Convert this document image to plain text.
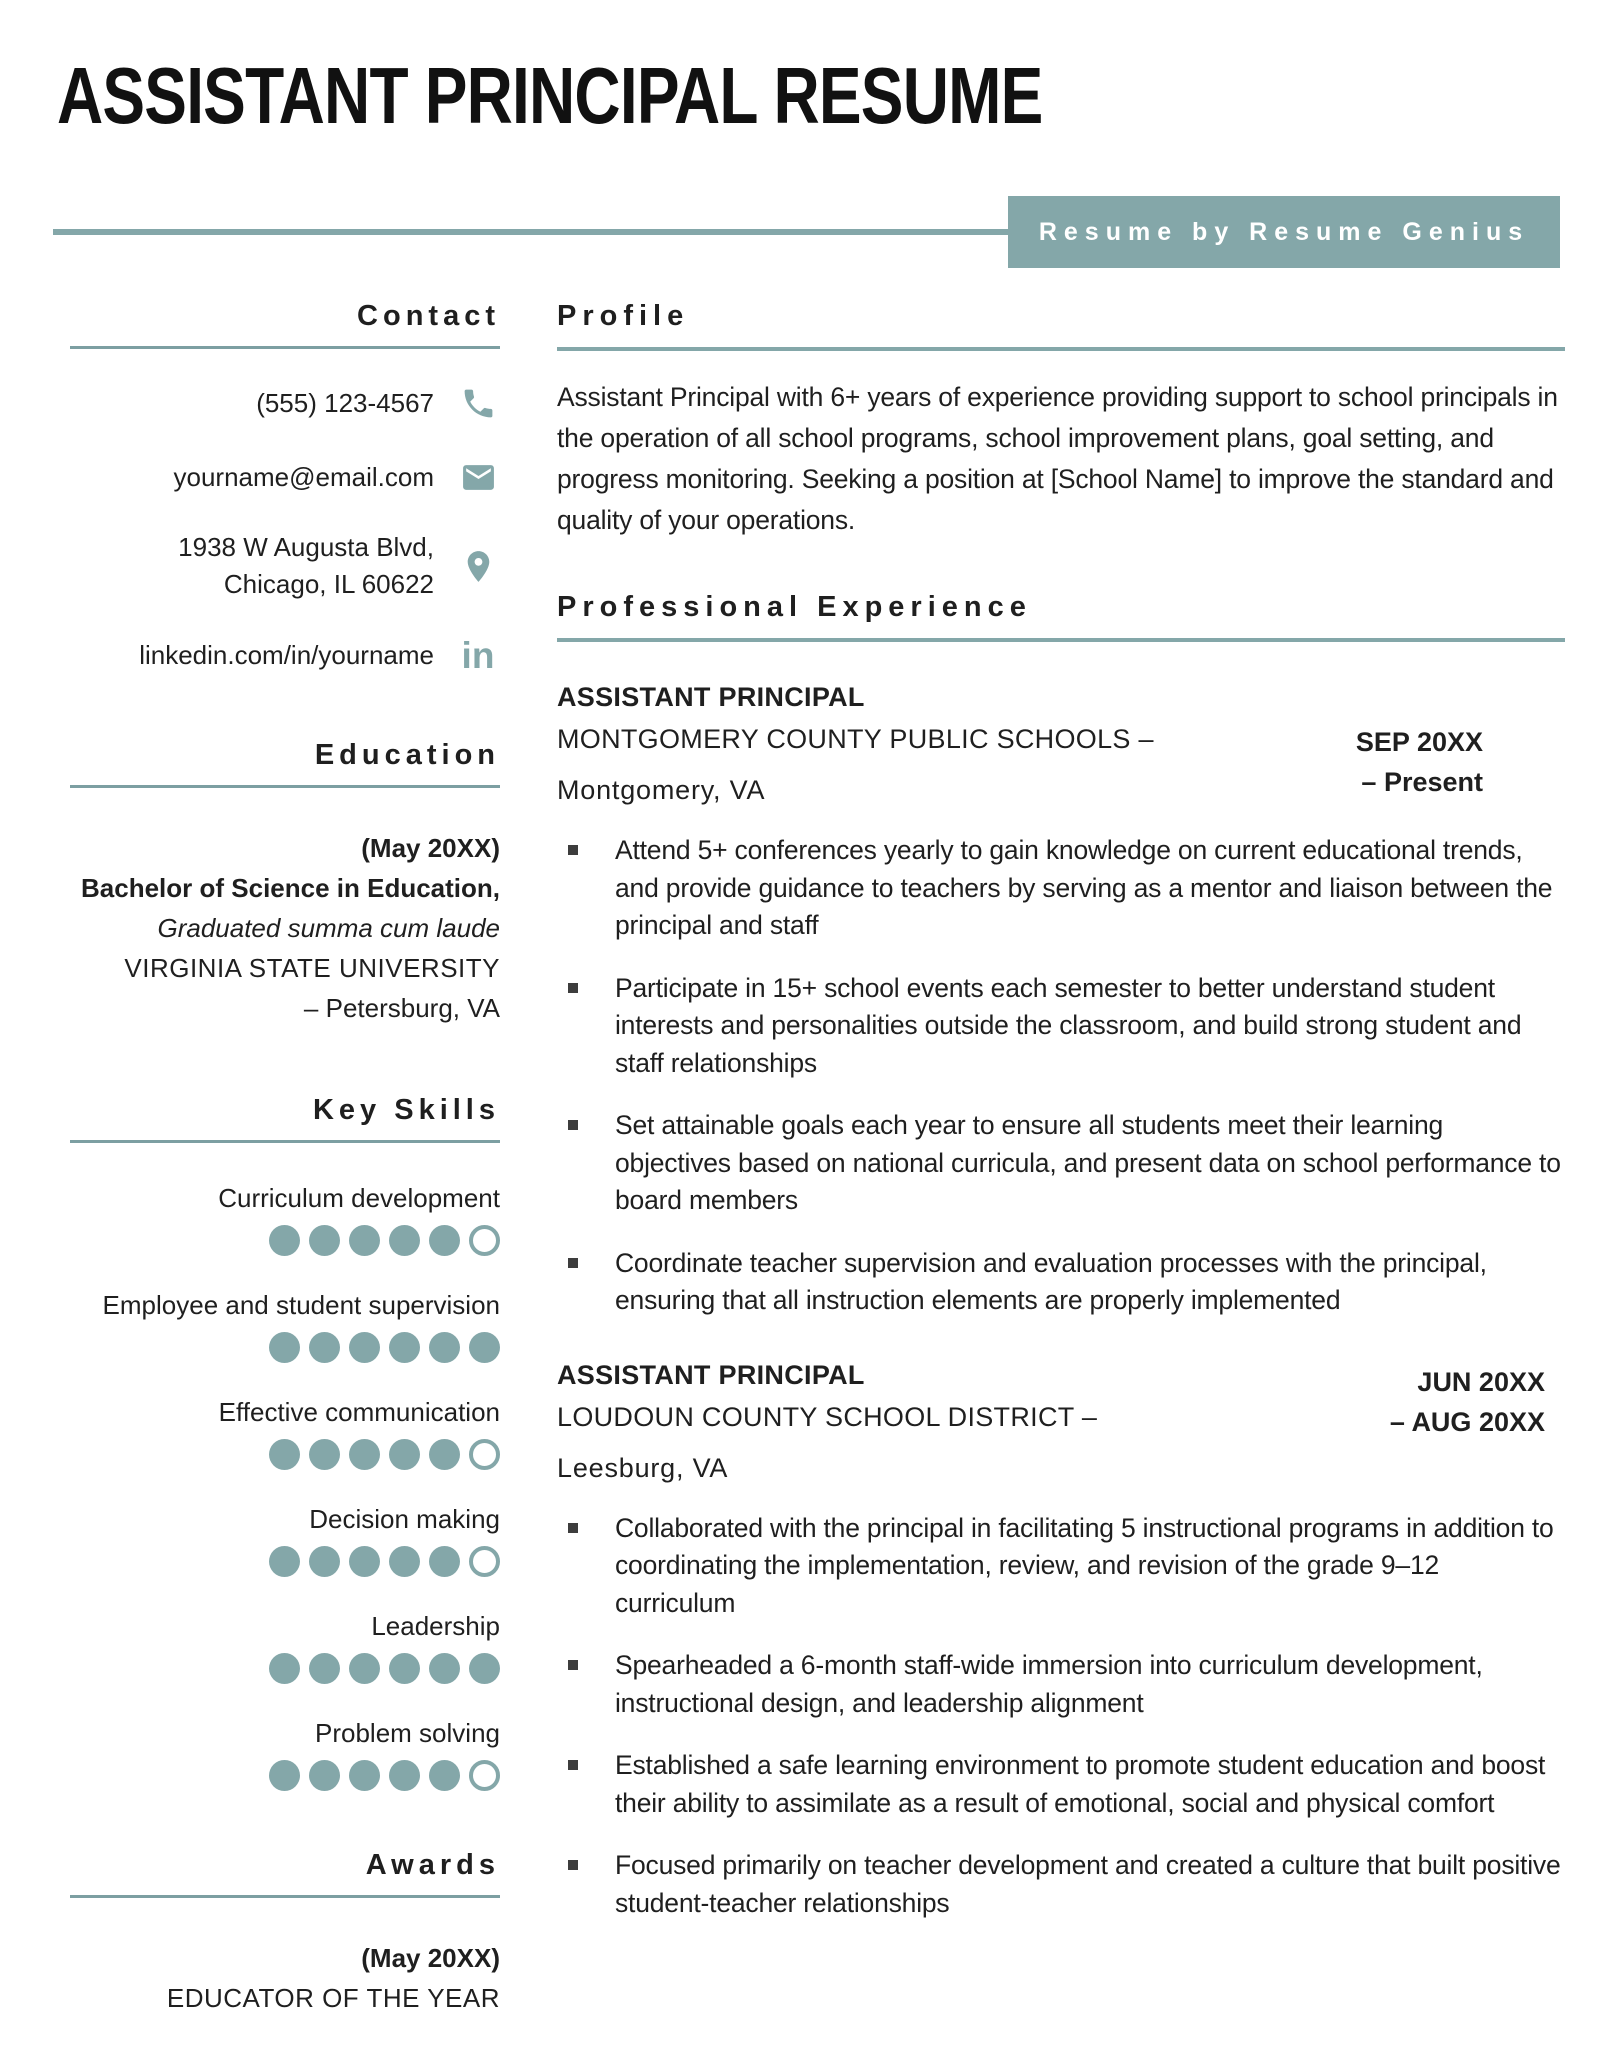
ASSISTANT PRINCIPAL RESUME
Resume by Resume Genius
Contact
(555) 123-4567
yourname@email.com
1938 W Augusta Blvd,
Chicago, IL 60622
linkedin.com/in/yourname in
Education
(May 20XX)
Bachelor of Science in Education,
Graduated summa cum laude
VIRGINIA STATE UNIVERSITY
– Petersburg, VA
Key Skills
Curriculum development
Employee and student supervision
Effective communication
Decision making
Leadership
Problem solving
Awards
(May 20XX)
EDUCATOR OF THE YEAR
Profile
Assistant Principal with 6+ years of experience providing support to school principals in the operation of all school programs, school improvement plans, goal setting, and progress monitoring. Seeking a position at [School Name] to improve the standard and quality of your operations.
Professional Experience
ASSISTANT PRINCIPAL
MONTGOMERY COUNTY PUBLIC SCHOOLS –
Montgomery, VA
SEP 20XX
– Present
Attend 5+ conferences yearly to gain knowledge on current educational trends, and provide guidance to teachers by serving as a mentor and liaison between the principal and staff
Participate in 15+ school events each semester to better understand student interests and personalities outside the classroom, and build strong student and staff relationships
Set attainable goals each year to ensure all students meet their learning objectives based on national curricula, and present data on school performance to board members
Coordinate teacher supervision and evaluation processes with the principal, ensuring that all instruction elements are properly implemented
ASSISTANT PRINCIPAL
LOUDOUN COUNTY SCHOOL DISTRICT –
Leesburg, VA
JUN 20XX
– AUG 20XX
Collaborated with the principal in facilitating 5 instructional programs in addition to coordinating the implementation, review, and revision of the grade 9–12 curriculum
Spearheaded a 6-month staff-wide immersion into curriculum development, instructional design, and leadership alignment
Established a safe learning environment to promote student education and boost their ability to assimilate as a result of emotional, social and physical comfort
Focused primarily on teacher development and created a culture that built positive student-teacher relationships
